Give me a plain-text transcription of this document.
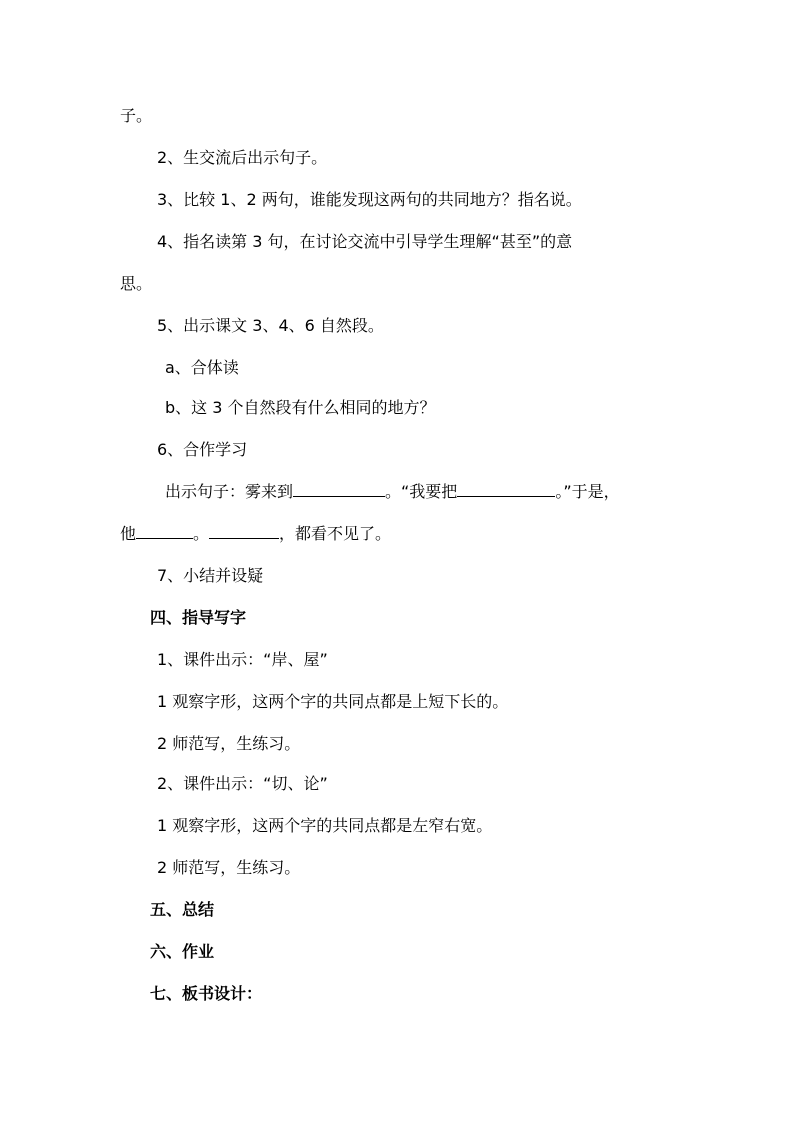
子。
2、生交流后出示句子。
3、比较 1、2 两句，谁能发现这两句的共同地方？指名说。
4、指名读第 3 句，在讨论交流中引导学生理解“甚至”的意
思。
5、出示课文 3、4、6 自然段。
a、合体读
b、这 3 个自然段有什么相同的地方？
6、合作学习
出示句子：雾来到	。“我要把	。”于是，
他	。	，都看不见了。
7、小结并设疑
四、指导写字
1、课件出示：“岸、屋”
1 观察字形，这两个字的共同点都是上短下长的。
2 师范写，生练习。
2、课件出示：“切、论”
1 观察字形，这两个字的共同点都是左窄右宽。
2 师范写，生练习。
五、总结
六、作业
七、板书设计：
